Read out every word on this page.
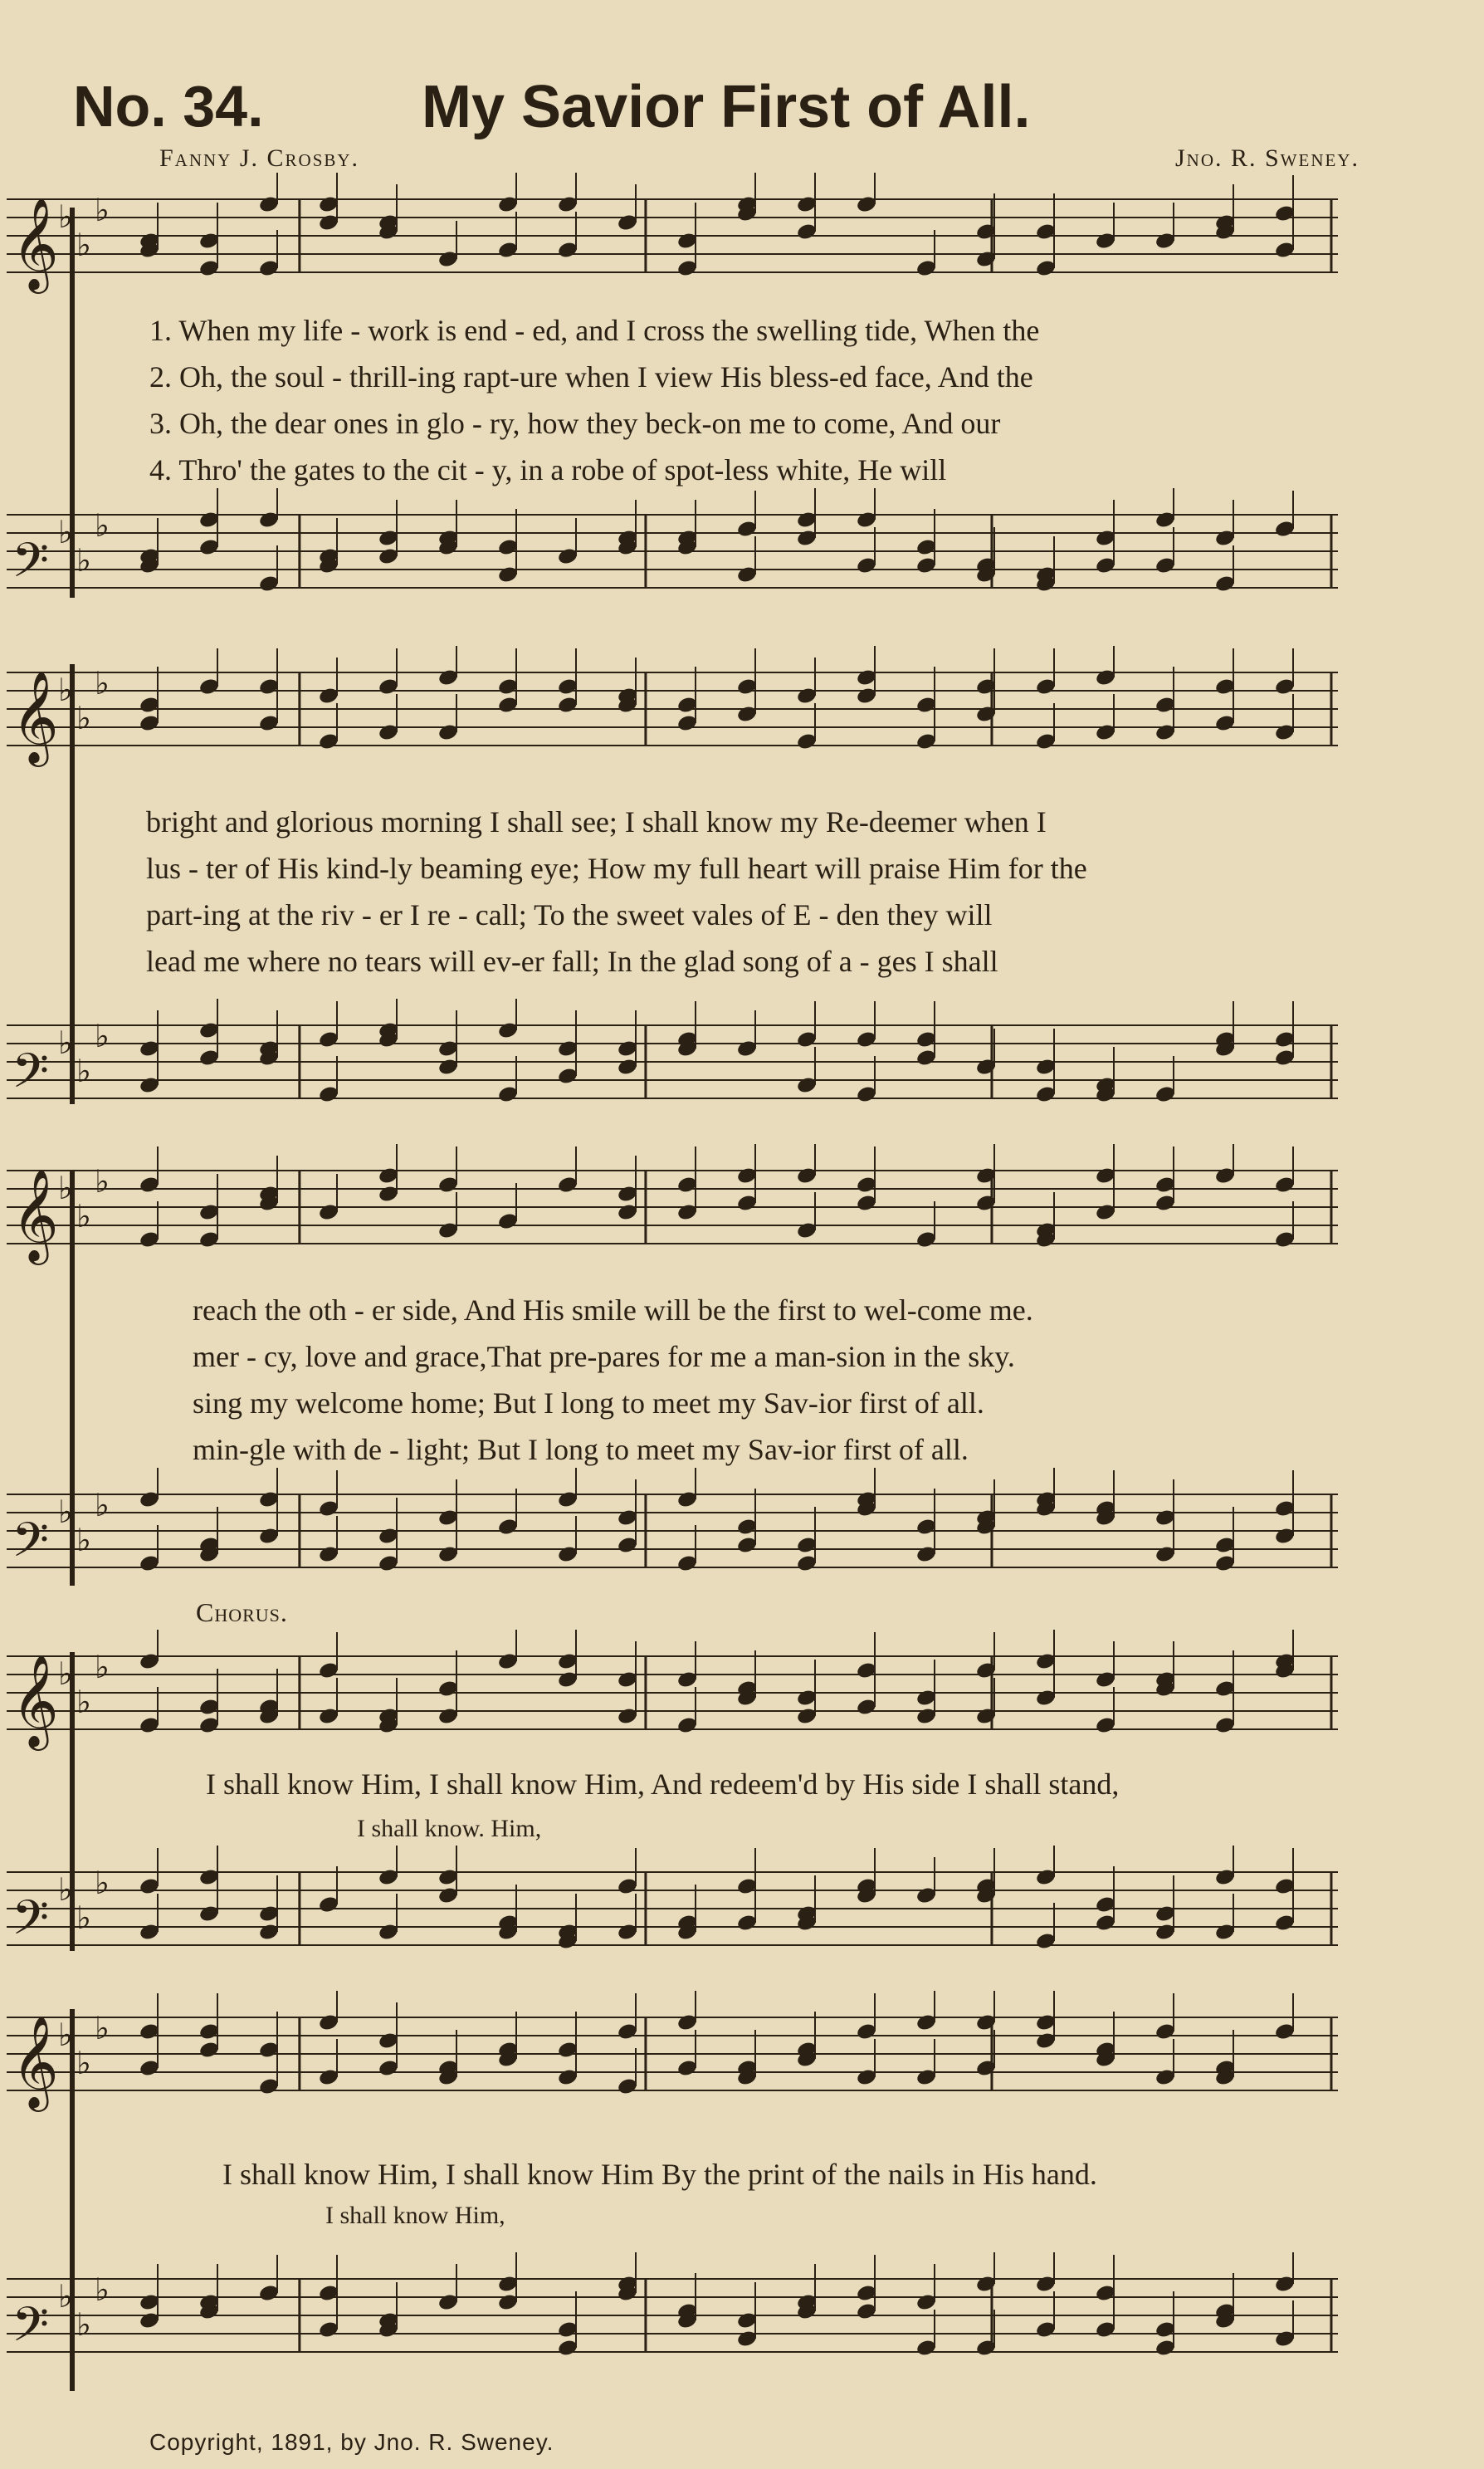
No. 34.	My Savior First of All.
Fanny J. Crosby.	Jno. R. Sweney.
𝄞 ♭
♭
♭
𝄢 ♭
♭
♭
𝄞 ♭
♭
♭
𝄢 ♭
♭
♭
𝄞 ♭
♭
♭
𝄢 ♭
♭
♭
𝄞 ♭
♭
♭
𝄢 ♭
♭
♭
𝄞 ♭
♭
♭
𝄢 ♭
♭
♭
1. When my life - work is end - ed, and I cross the swelling tide, When the
2. Oh, the soul - thrill-ing rapt-ure when I view His bless-ed face, And the
3. Oh, the dear ones in glo - ry, how they beck-on me to come, And our
4. Thro' the gates to the cit - y, in a robe of spot-less white, He will
bright and glorious morning I shall see; I shall know my Re-deemer when I
lus - ter of His kind-ly beaming eye; How my full heart will praise Him for the
part-ing at the riv - er I re - call; To the sweet vales of E - den they will
lead me where no tears will ev-er fall; In the glad song of a - ges I shall
reach the oth - er side, And His smile will be the first to wel-come me.
mer - cy, love and grace,That pre-pares for me a man-sion in the sky.
sing my welcome home; But I long to meet my Sav-ior first of all.
min-gle with de - light; But I long to meet my Sav-ior first of all.
Chorus.
I shall know Him, I shall know Him, And redeem'd by His side I shall stand,
I shall know. Him,
I shall know Him, I shall know Him By the print of the nails in His hand.
I shall know Him,
Copyright, 1891, by Jno. R. Sweney.
